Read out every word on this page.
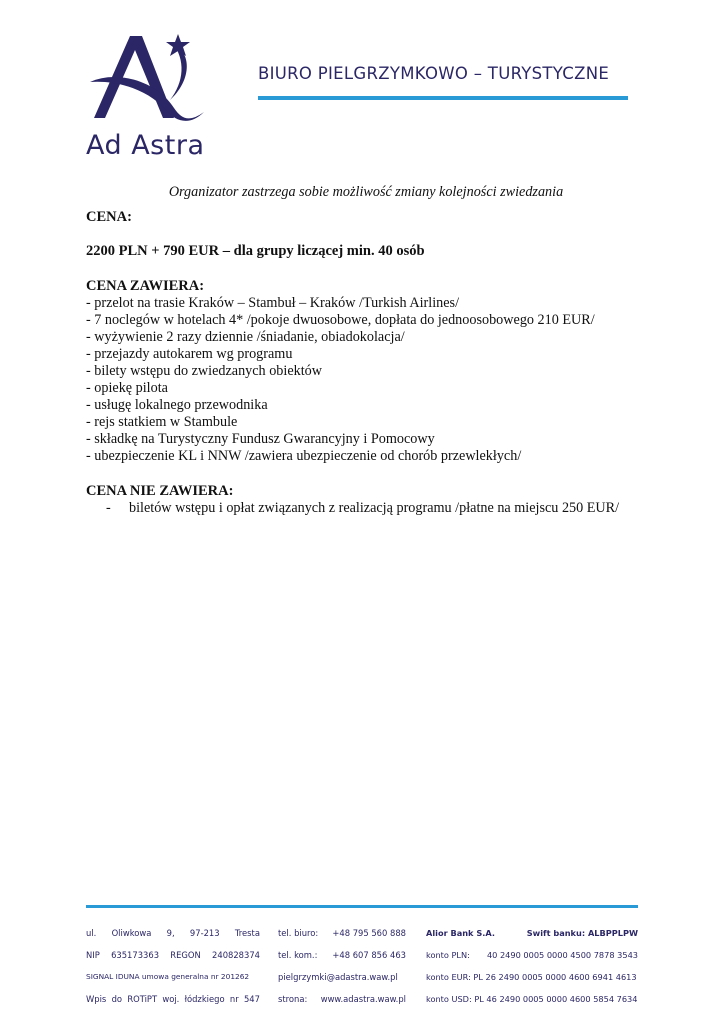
Ad Astra
BIURO PIELGRZYMKOWO – TURYSTYCZNE

Organizator zastrzega sobie możliwość zmiany kolejności zwiedzania

CENA:

2200 PLN + 790 EUR – dla grupy liczącej min. 40 osób

CENA ZAWIERA:

- przelot na trasie Kraków – Stambuł – Kraków /Turkish Airlines/
- 7 noclegów w hotelach 4* /pokoje dwuosobowe, dopłata do jednoosobowego 210 EUR/
- wyżywienie 2 razy dziennie /śniadanie, obiadokolacja/
- przejazdy autokarem wg programu
- bilety wstępu do zwiedzanych obiektów
- opiekę pilota
- usługę lokalnego przewodnika
- rejs statkiem w Stambule
- składkę na Turystyczny Fundusz Gwarancyjny i Pomocowy
- ubezpieczenie KL i NNW /zawiera ubezpieczenie od chorób przewlekłych/

CENA NIE ZAWIERA:

- biletów wstępu i opłat związanych z realizacją programu /płatne na miejscu 250 EUR/
ul. Oliwkowa 9, 97-213 Tresta
NIP 635173363 REGON 240828374
SIGNAL IDUNA umowa generalna nr 201262
Wpis do ROTiPT woj. łódzkiego nr 547
tel. biuro: +48 795 560 888
tel. kom.: +48 607 856 463
pielgrzymki@adastra.waw.pl
strona: www.adastra.waw.pl
Alior Bank S.A.	Swift banku: ALBPPLPW
konto PLN: 40 2490 0005 0000 4500 7878 3543
konto EUR: PL 26 2490 0005 0000 4600 6941 4613
konto USD: PL 46 2490 0005 0000 4600 5854 7634
